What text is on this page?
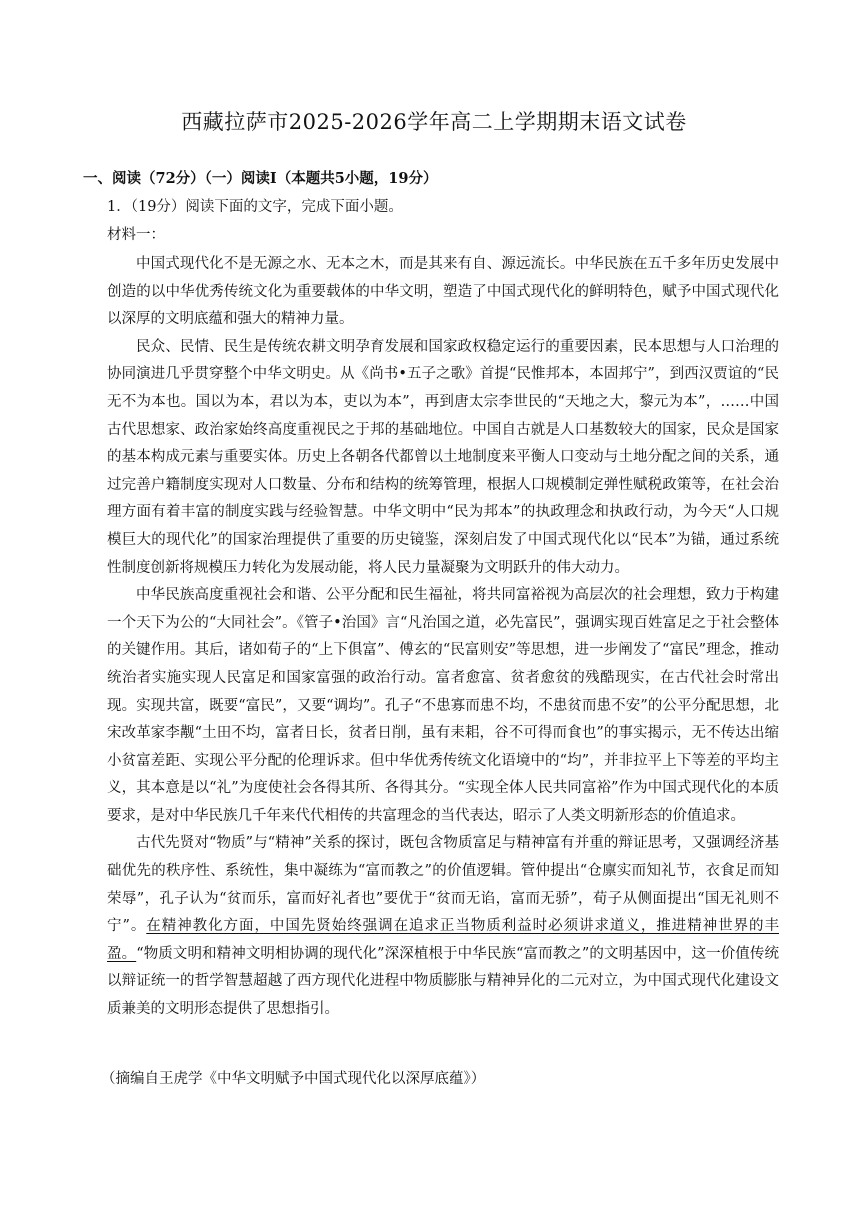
西藏拉萨市2025-2026学年高二上学期期末语文试卷
一、阅读（72分）（一）阅读Ⅰ（本题共5小题，19分）
1．（19分）阅读下面的文字，完成下面小题。
材料一：

中国式现代化不是无源之水、无本之木，而是其来有自、源远流长。中华民族在五千多年历史发展中创造的以中华优秀传统文化为重要载体的中华文明，塑造了中国式现代化的鲜明特色，赋予中国式现代化以深厚的文明底蕴和强大的精神力量。

民众、民情、民生是传统农耕文明孕育发展和国家政权稳定运行的重要因素，民本思想与人口治理的协同演进几乎贯穿整个中华文明史。从《尚书•五子之歌》首提“民惟邦本，本固邦宁”，到西汉贾谊的“民无不为本也。国以为本，君以为本，吏以为本”，再到唐太宗李世民的“天地之大，黎元为本”，……中国古代思想家、政治家始终高度重视民之于邦的基础地位。中国自古就是人口基数较大的国家，民众是国家的基本构成元素与重要实体。历史上各朝各代都曾以土地制度来平衡人口变动与土地分配之间的关系，通过完善户籍制度实现对人口数量、分布和结构的统筹管理，根据人口规模制定弹性赋税政策等，在社会治理方面有着丰富的制度实践与经验智慧。中华文明中“民为邦本”的执政理念和执政行动，为今天“人口规模巨大的现代化”的国家治理提供了重要的历史镜鉴，深刻启发了中国式现代化以“民本”为锚，通过系统性制度创新将规模压力转化为发展动能，将人民力量凝聚为文明跃升的伟大动力。

中华民族高度重视社会和谐、公平分配和民生福祉，将共同富裕视为高层次的社会理想，致力于构建一个天下为公的“大同社会”。《管子•治国》言“凡治国之道，必先富民”，强调实现百姓富足之于社会整体的关键作用。其后，诸如荀子的“上下俱富”、傅玄的“民富则安”等思想，进一步阐发了“富民”理念，推动统治者实施实现人民富足和国家富强的政治行动。富者愈富、贫者愈贫的残酷现实，在古代社会时常出现。实现共富，既要“富民”，又要“调均”。孔子“不患寡而患不均，不患贫而患不安”的公平分配思想，北宋改革家李觏“土田不均，富者日长，贫者日削，虽有耒耜，谷不可得而食也”的事实揭示，无不传达出缩小贫富差距、实现公平分配的伦理诉求。但中华优秀传统文化语境中的“均”，并非拉平上下等差的平均主义，其本意是以“礼”为度使社会各得其所、各得其分。“实现全体人民共同富裕”作为中国式现代化的本质要求，是对中华民族几千年来代代相传的共富理念的当代表达，昭示了人类文明新形态的价值追求。

古代先贤对“物质”与“精神”关系的探讨，既包含物质富足与精神富有并重的辩证思考，又强调经济基础优先的秩序性、系统性，集中凝练为“富而教之”的价值逻辑。管仲提出“仓廪实而知礼节，衣食足而知荣辱”，孔子认为“贫而乐，富而好礼者也”要优于“贫而无谄，富而无骄”，荀子从侧面提出“国无礼则不宁”。在精神教化方面，中国先贤始终强调在追求正当物质利益时必须讲求道义，推进精神世界的丰盈。“物质文明和精神文明相协调的现代化”深深植根于中华民族“富而教之”的文明基因中，这一价值传统以辩证统一的哲学智慧超越了西方现代化进程中物质膨胀与精神异化的二元对立，为中国式现代化建设文质兼美的文明形态提供了思想指引。

（摘编自王虎学《中华文明赋予中国式现代化以深厚底蕴》）
